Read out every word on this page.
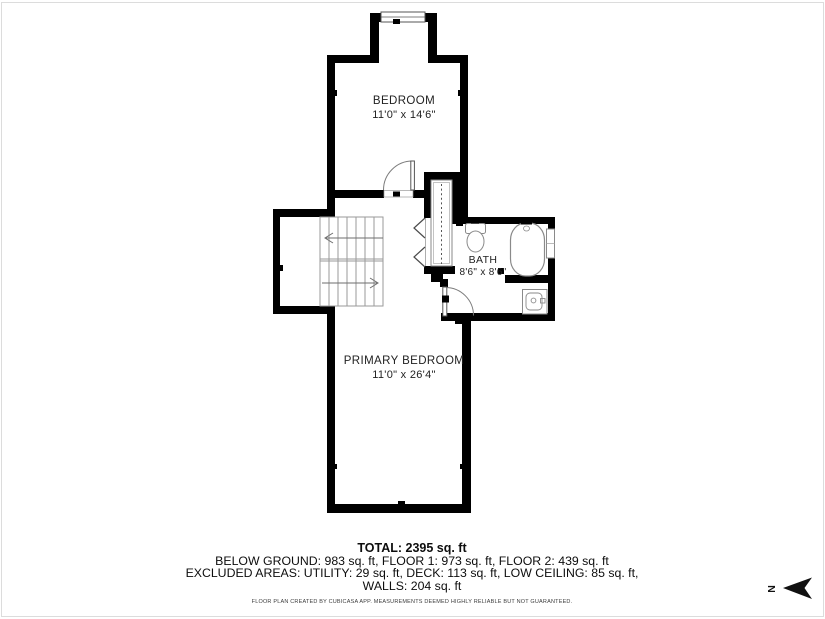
BEDROOM
11'0" x 14'6"
BATH
8'6" x 8'6"
PRIMARY BEDROOM
11'0" x 26'4"
TOTAL: 2395 sq. ft
BELOW GROUND: 983 sq. ft, FLOOR 1: 973 sq. ft, FLOOR 2: 439 sq. ft
EXCLUDED AREAS: UTILITY: 29 sq. ft, DECK: 113 sq. ft, LOW CEILING: 85 sq. ft,
WALLS: 204 sq. ft
FLOOR PLAN CREATED BY CUBICASA APP. MEASUREMENTS DEEMED HIGHLY RELIABLE BUT NOT GUARANTEED.
N
